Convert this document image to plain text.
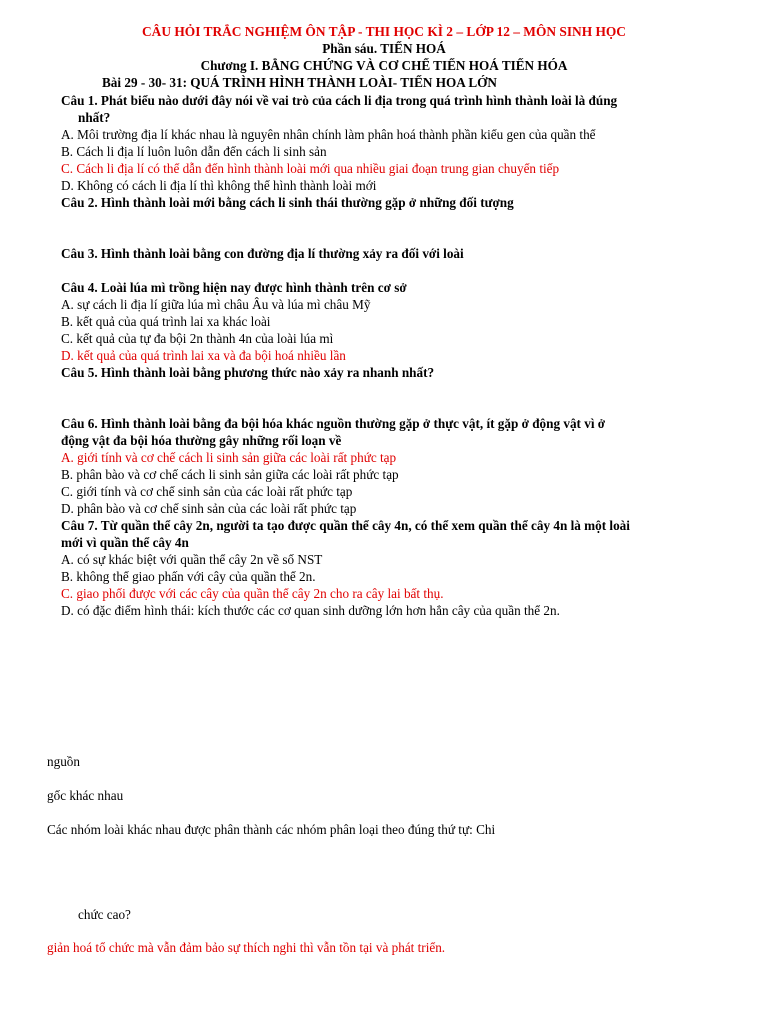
CÂU HỎI TRẮC NGHIỆM ÔN TẬP - THI HỌC KÌ 2 – LỚP 12 – MÔN SINH HỌC
Phần sáu. TIẾN HOÁ
Chương I. BẰNG CHỨNG VÀ CƠ CHẾ TIẾN HOÁ TIẾN HÓA
Bài 29 - 30- 31: QUÁ TRÌNH HÌNH THÀNH LOÀI- TIẾN HOA LỚN
Câu 1. Phát biểu nào dưới đây nói về vai trò của cách li địa trong quá trình hình thành loài là đúng
nhất?
A. Môi trường địa lí khác nhau là nguyên nhân chính làm phân hoá thành phần kiểu gen của quần thể
B. Cách li địa lí luôn luôn dẫn đến cách li sinh sản
C. Cách li địa lí có thể dẫn đến hình thành loài mới qua nhiều giai đoạn trung gian chuyển tiếp
D. Không có cách li địa lí thì không thể hình thành loài mới
Câu 2. Hình thành loài mới bằng cách li sinh thái thường gặp ở những đối tượng
Câu 3. Hình thành loài bằng con đường địa lí thường xảy ra đối với loài
Câu 4. Loài lúa mì trồng hiện nay được hình thành trên cơ sở
A. sự cách li địa lí giữa lúa mì châu Âu và lúa mì châu Mỹ
B. kết quả của quá trình lai xa khác loài
C. kết quả của tự đa bội 2n thành 4n của loài lúa mì
D. kết quả của quá trình lai xa và đa bội hoá nhiều lần
Câu 5. Hình thành loài bằng phương thức nào xảy ra nhanh nhất?
Câu 6. Hình thành loài bằng đa bội hóa khác nguồn thường gặp ở thực vật, ít gặp ở động vật vì ở
động vật đa bội hóa thường gây những rối loạn về
A. giới tính và cơ chế cách li sinh sản giữa các loài rất phức tạp
B. phân bào và cơ chế cách li sinh sản giữa các loài rất phức tạp
C. giới tính và cơ chế sinh sản của các loài rất phức tạp
D. phân bào và cơ chế sinh sản của các loài rất phức tạp
Câu 7. Từ quần thể cây 2n, người ta tạo được quần thể cây 4n, có thể xem quần thể cây 4n là một loài
mới vì quần thể cây 4n
A. có sự khác biệt với quần thể cây 2n về số NST
B. không thể giao phấn với cây của quần thể 2n.
C. giao phối được với các cây của quần thể cây 2n cho ra cây lai bất thụ.
D. có đặc điểm hình thái: kích thước các cơ quan sinh dưỡng lớn hơn hẳn cây của quần thể 2n.
nguồn
gốc khác nhau
Các nhóm loài khác nhau được phân thành các nhóm phân loại theo đúng thứ tự: Chi
chức cao?
giản hoá tổ chức mà vẫn đảm bảo sự thích nghi thì vẫn tồn tại và phát triển.
